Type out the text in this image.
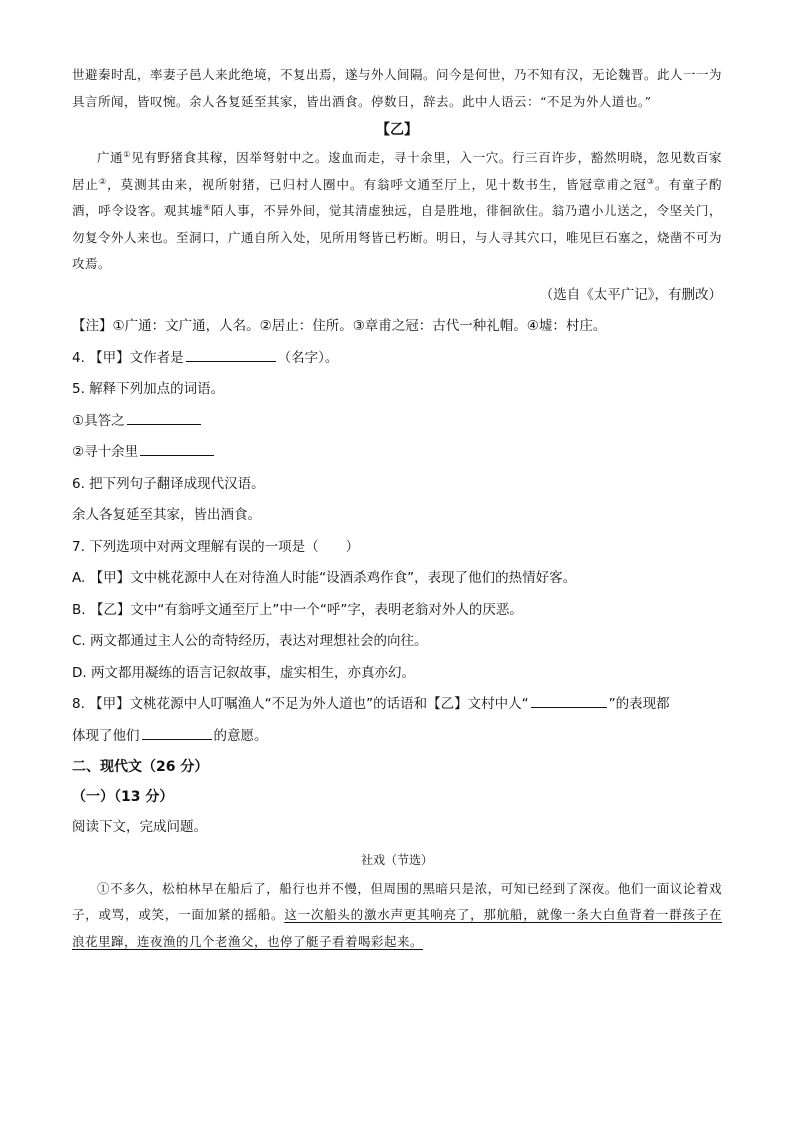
世避秦时乱，率妻子邑人来此绝境，不复出焉，遂与外人间隔。问今是何世，乃不知有汉，无论魏晋。此人一一为具言所闻，皆叹惋。余人各复延至其家，皆出酒食。停数日，辞去。此中人语云：“不足为外人道也。”

【乙】

广通①见有野猪食其稼，因举弩射中之。逡血而走，寻十余里，入一穴。行三百许步，豁然明晓，忽见数百家居止②，莫测其由来，视所射猪，已归村人圈中。有翁呼文通至厅上，见十数书生，皆冠章甫之冠③。有童子酌酒，呼令设客。观其墟④陌人事，不异外间，觉其清虚独远，自是胜地，徘徊欲住。翁乃遣小儿送之，令坚关门，勿复令外人来也。至洞口，广通自所入处，见所用弩皆已朽断。明日，与人寻其穴口，唯见巨石塞之，烧凿不可为攻焉。

（选自《太平广记》，有删改）

【注】①广通：文广通，人名。②居止：住所。③章甫之冠：古代一种礼帽。④墟：村庄。

4. 【甲】文作者是	（名字）。

5. 解释下列加点的词语。

①具答之

②寻十余里

6. 把下列句子翻译成现代汉语。

余人各复延至其家，皆出酒食。

7. 下列选项中对两文理解有误的一项是（　　）

A. 【甲】文中桃花源中人在对待渔人时能“设酒杀鸡作食”，表现了他们的热情好客。

B. 【乙】文中“有翁呼文通至厅上”中一个“呼”字，表明老翁对外人的厌恶。

C. 两文都通过主人公的奇特经历，表达对理想社会的向往。

D. 两文都用凝练的语言记叙故事，虚实相生，亦真亦幻。

8. 【甲】文桃花源中人叮嘱渔人“不足为外人道也”的话语和【乙】文村中人“	”的表现都

体现了他们	的意愿。

二、现代文（26 分）

（一）（13 分）

阅读下文，完成问题。

社戏（节选）

①不多久，松柏林早在船后了，船行也并不慢，但周围的黑暗只是浓，可知已经到了深夜。他们一面议论着戏子，或骂，或笑，一面加紧的摇船。这一次船头的激水声更其响亮了，那航船，就像一条大白鱼背着一群孩子在浪花里蹿，连夜渔的几个老渔父，也停了艇子看着喝彩起来。
